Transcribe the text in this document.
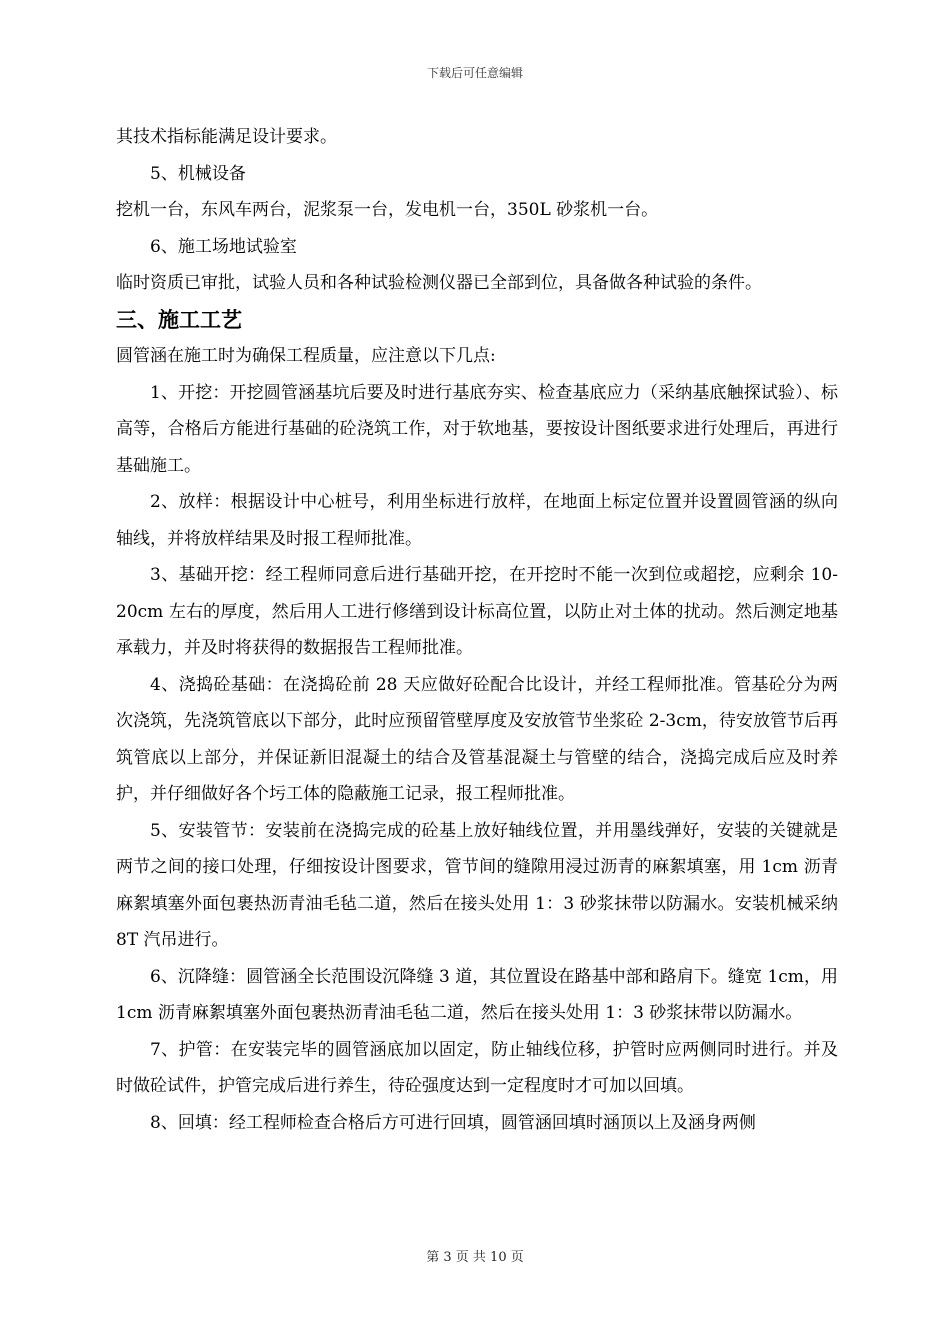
下载后可任意编辑

其技术指标能满足设计要求。

5、机械设备

挖机一台，东风车两台，泥浆泵一台，发电机一台，350L 砂浆机一台。

6、施工场地试验室

临时资质已审批，试验人员和各种试验检测仪器已全部到位，具备做各种试验的条件。

三、施工工艺

圆管涵在施工时为确保工程质量，应注意以下几点:

1、开挖：开挖圆管涵基坑后要及时进行基底夯实、检查基底应力（采纳基底触探试验）、标高等，合格后方能进行基础的砼浇筑工作，对于软地基，要按设计图纸要求进行处理后，再进行基础施工。

2、放样：根据设计中心桩号，利用坐标进行放样，在地面上标定位置并设置圆管涵的纵向轴线，并将放样结果及时报工程师批准。

3、基础开挖：经工程师同意后进行基础开挖，在开挖时不能一次到位或超挖，应剩余 10-20cm 左右的厚度，然后用人工进行修缮到设计标高位置，以防止对土体的扰动。然后测定地基承载力，并及时将获得的数据报告工程师批准。

4、浇捣砼基础：在浇捣砼前 28 天应做好砼配合比设计，并经工程师批准。管基砼分为两次浇筑，先浇筑管底以下部分，此时应预留管壁厚度及安放管节坐浆砼 2-3cm，待安放管节后再筑管底以上部分，并保证新旧混凝土的结合及管基混凝土与管壁的结合，浇捣完成后应及时养护，并仔细做好各个圬工体的隐蔽施工记录，报工程师批准。

5、安装管节：安装前在浇捣完成的砼基上放好轴线位置，并用墨线弹好，安装的关键就是两节之间的接口处理，仔细按设计图要求，管节间的缝隙用浸过沥青的麻絮填塞，用 1cm 沥青麻絮填塞外面包裹热沥青油毛毡二道，然后在接头处用 1：3 砂浆抹带以防漏水。安装机械采纳 8T 汽吊进行。

6、沉降缝：圆管涵全长范围设沉降缝 3 道，其位置设在路基中部和路肩下。缝宽 1cm，用 1cm 沥青麻絮填塞外面包裹热沥青油毛毡二道，然后在接头处用 1：3 砂浆抹带以防漏水。

7、护管：在安装完毕的圆管涵底加以固定，防止轴线位移，护管时应两侧同时进行。并及时做砼试件，护管完成后进行养生，待砼强度达到一定程度时才可加以回填。

8、回填：经工程师检查合格后方可进行回填，圆管涵回填时涵顶以上及涵身两侧

第 3 页 共 10 页
